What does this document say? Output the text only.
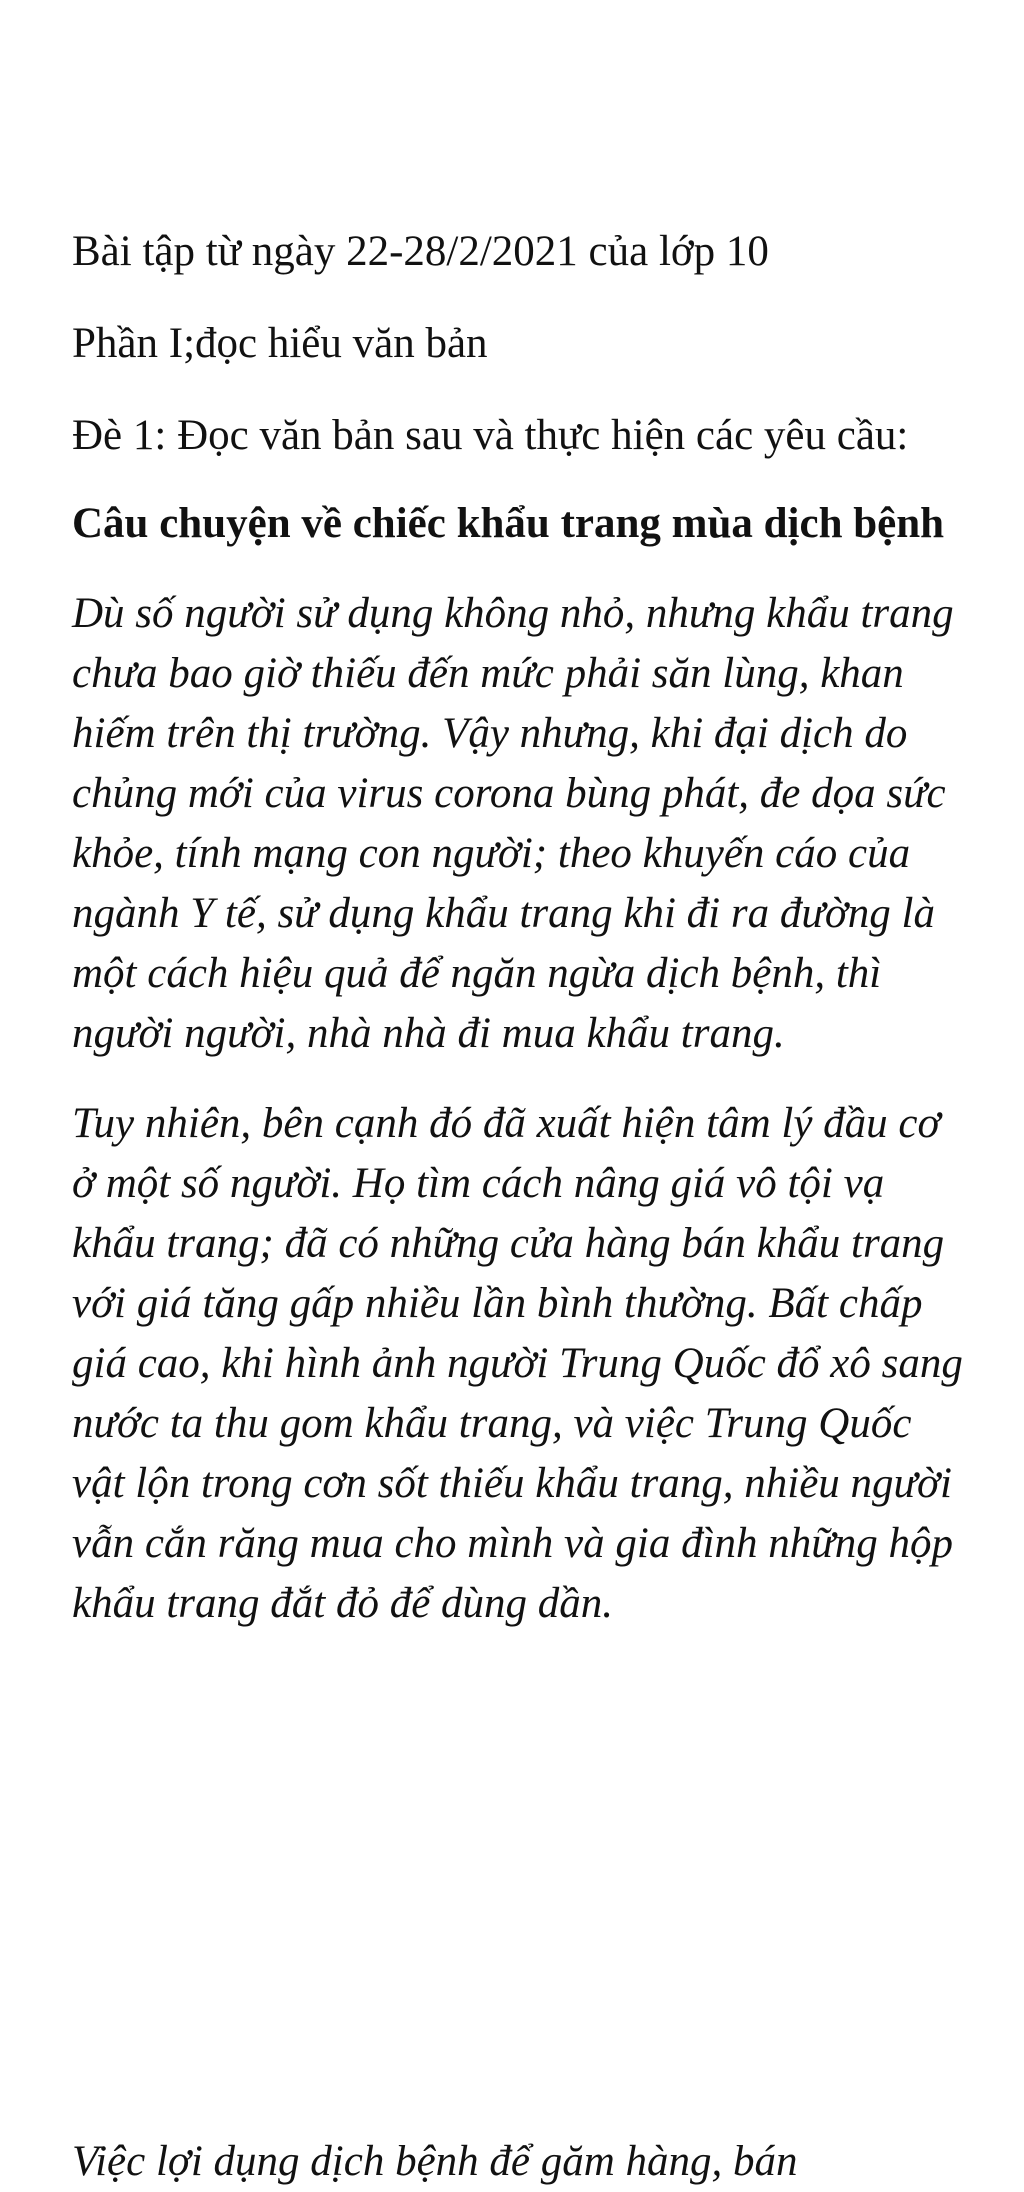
Bài tập từ ngày 22-28/2/2021 của lớp 10

Phần I;đọc hiểu văn bản

Đè 1: Đọc văn bản sau và thực hiện các yêu cầu:

Câu chuyện về chiếc khẩu trang mùa dịch bệnh

Dù số người sử dụng không nhỏ, nhưng khẩu trang chưa bao giờ thiếu đến mức phải săn lùng, khan hiếm trên thị trường. Vậy nhưng, khi đại dịch do chủng mới của virus corona bùng phát, đe dọa sức khỏe, tính mạng con người; theo khuyến cáo của ngành Y tế, sử dụng khẩu trang khi đi ra đường là một cách hiệu quả để ngăn ngừa dịch bệnh, thì người người, nhà nhà đi mua khẩu trang.

Tuy nhiên, bên cạnh đó đã xuất hiện tâm lý đầu cơ ở một số người. Họ tìm cách nâng giá vô tội vạ khẩu trang; đã có những cửa hàng bán khẩu trang với giá tăng gấp nhiều lần bình thường. Bất chấp giá cao, khi hình ảnh người Trung Quốc đổ xô sang nước ta thu gom khẩu trang, và việc Trung Quốc vật lộn trong cơn sốt thiếu khẩu trang, nhiều người vẫn cắn răng mua cho mình và gia đình những hộp khẩu trang đắt đỏ để dùng dần.

Việc lợi dụng dịch bệnh để găm hàng, bán
